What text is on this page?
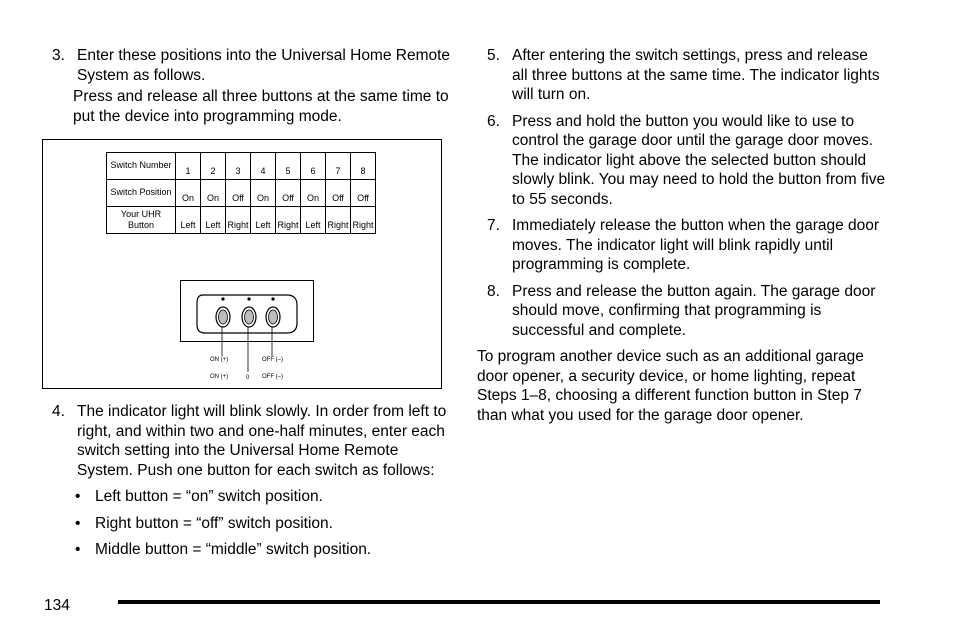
3. Enter these positions into the Universal Home Remote System as follows.

Press and release all three buttons at the same time to put the device into programming mode.

Switch Number	1	2	3	4	5	6	7	8
Switch Position	On	On	Off	On	Off	On	Off	Off
Your UHR Button	Left	Left	Right	Left	Right	Left	Right	Right
ON (+)	OFF (–)
ON (+)	0 OFF (–)
4. The indicator light will blink slowly. In order from left to right, and within two and one-half minutes, enter each switch setting into the Universal Home Remote System. Push one button for each switch as follows:
• Left button = “on” switch position.
• Right button = “off” switch position.
• Middle button = “middle” switch position.
5. After entering the switch settings, press and release all three buttons at the same time. The indicator lights will turn on.
6. Press and hold the button you would like to use to control the garage door until the garage door moves. The indicator light above the selected button should slowly blink. You may need to hold the button from five to 55 seconds.
7. Immediately release the button when the garage door moves. The indicator light will blink rapidly until programming is complete.
8. Press and release the button again. The garage door should move, confirming that programming is successful and complete.

To program another device such as an additional garage door opener, a security device, or home lighting, repeat Steps 1–8, choosing a different function button in Step 7 than what you used for the garage door opener.

134
